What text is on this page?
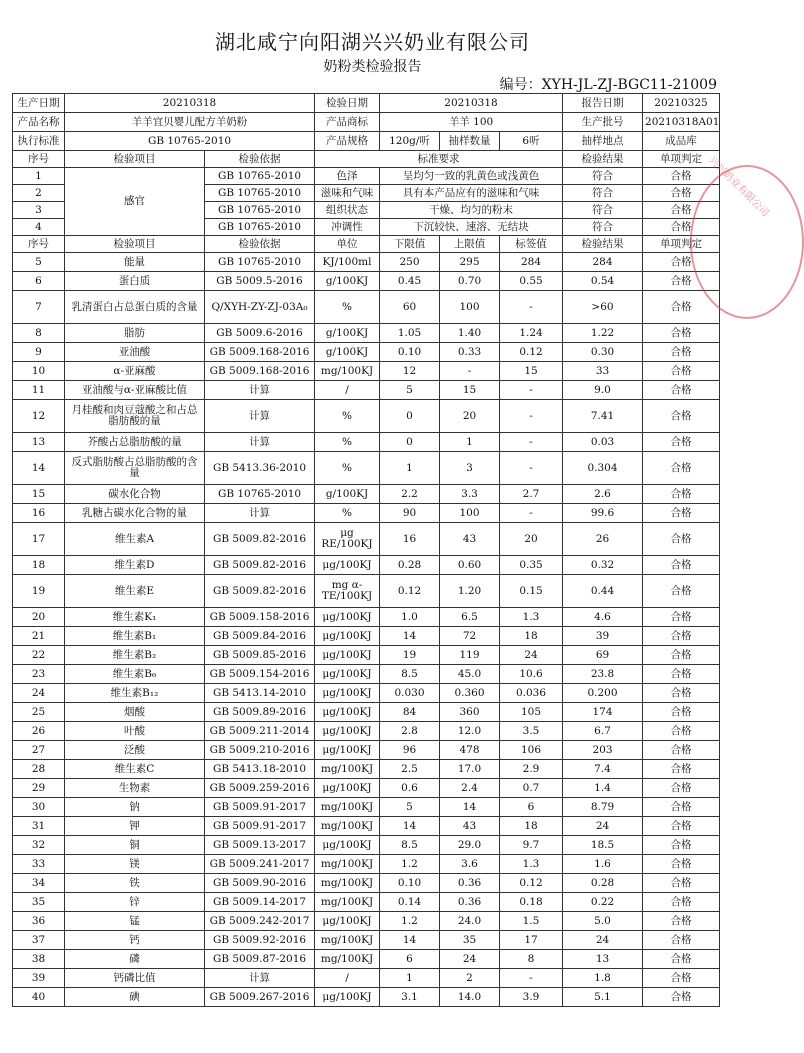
湖北咸宁向阳湖兴兴奶业有限公司
奶粉类检验报告
编号：XYH-JL-ZJ-BGC11-21009
生产日期	20210318		检验日期	20210318			报告日期	20210325
产品名称	羊羊宜贝婴儿配方羊奶粉		产品商标	羊羊 100			生产批号	20210318A01
执行标准	GB 10765-2010		产品规格	120g/听	抽样数量	6听	抽样地点	成品库
序号	检验项目	检验依据	标准要求				检验结果	单项判定
1	感官	GB 10765-2010	色泽	呈均匀一致的乳黄色或浅黄色			符合	合格
2		GB 10765-2010	滋味和气味	具有本产品应有的滋味和气味			符合	合格
3		GB 10765-2010	组织状态	干燥、均匀的粉末			符合	合格
4		GB 10765-2010	冲调性	下沉较快、速溶、无结块			符合	合格
序号	检验项目	检验依据	单位	下限值	上限值	标签值	检验结果	单项判定
5	能量	GB 10765-2010	KJ/100ml	250	295	284	284	合格
6	蛋白质	GB 5009.5-2016	g/100KJ	0.45	0.70	0.55	0.54	合格
7	乳清蛋白占总蛋白质的含量	Q/XYH-ZY-ZJ-03A₀	%	60	100	-	>60	合格
8	脂肪	GB 5009.6-2016	g/100KJ	1.05	1.40	1.24	1.22	合格
9	亚油酸	GB 5009.168-2016	g/100KJ	0.10	0.33	0.12	0.30	合格
10	α-亚麻酸	GB 5009.168-2016	mg/100KJ	12	-	15	33	合格
11	亚油酸与α-亚麻酸比值	计算	/	5	15	-	9.0	合格
12	月桂酸和肉豆蔻酸之和占总脂肪酸的量	计算	%	0	20	-	7.41	合格
13	芥酸占总脂肪酸的量	计算	%	0	1	-	0.03	合格
14	反式脂肪酸占总脂肪酸的含量	GB 5413.36-2010	%	1	3	-	0.304	合格
15	碳水化合物	GB 10765-2010	g/100KJ	2.2	3.3	2.7	2.6	合格
16	乳糖占碳水化合物的量	计算	%	90	100	-	99.6	合格
17	维生素A	GB 5009.82-2016	μg RE/100KJ	16	43	20	26	合格
18	维生素D	GB 5009.82-2016	μg/100KJ	0.28	0.60	0.35	0.32	合格
19	维生素E	GB 5009.82-2016	mg α-TE/100KJ	0.12	1.20	0.15	0.44	合格
20	维生素K₁	GB 5009.158-2016	μg/100KJ	1.0	6.5	1.3	4.6	合格
21	维生素B₁	GB 5009.84-2016	μg/100KJ	14	72	18	39	合格
22	维生素B₂	GB 5009.85-2016	μg/100KJ	19	119	24	69	合格
23	维生素B₆	GB 5009.154-2016	μg/100KJ	8.5	45.0	10.6	23.8	合格
24	维生素B₁₂	GB 5413.14-2010	μg/100KJ	0.030	0.360	0.036	0.200	合格
25	烟酸	GB 5009.89-2016	μg/100KJ	84	360	105	174	合格
26	叶酸	GB 5009.211-2014	μg/100KJ	2.8	12.0	3.5	6.7	合格
27	泛酸	GB 5009.210-2016	μg/100KJ	96	478	106	203	合格
28	维生素C	GB 5413.18-2010	mg/100KJ	2.5	17.0	2.9	7.4	合格
29	生物素	GB 5009.259-2016	μg/100KJ	0.6	2.4	0.7	1.4	合格
30	钠	GB 5009.91-2017	mg/100KJ	5	14	6	8.79	合格
31	钾	GB 5009.91-2017	mg/100KJ	14	43	18	24	合格
32	铜	GB 5009.13-2017	μg/100KJ	8.5	29.0	9.7	18.5	合格
33	镁	GB 5009.241-2017	mg/100KJ	1.2	3.6	1.3	1.6	合格
34	铁	GB 5009.90-2016	mg/100KJ	0.10	0.36	0.12	0.28	合格
35	锌	GB 5009.14-2017	mg/100KJ	0.14	0.36	0.18	0.22	合格
36	锰	GB 5009.242-2017	μg/100KJ	1.2	24.0	1.5	5.0	合格
37	钙	GB 5009.92-2016	mg/100KJ	14	35	17	24	合格
38	磷	GB 5009.87-2016	mg/100KJ	6	24	8	13	合格
39	钙磷比值	计算	/	1	2	-	1.8	合格
40	碘	GB 5009.267-2016	μg/100KJ	3.1	14.0	3.9	5.1	合格
兴兴奶业有限公司
